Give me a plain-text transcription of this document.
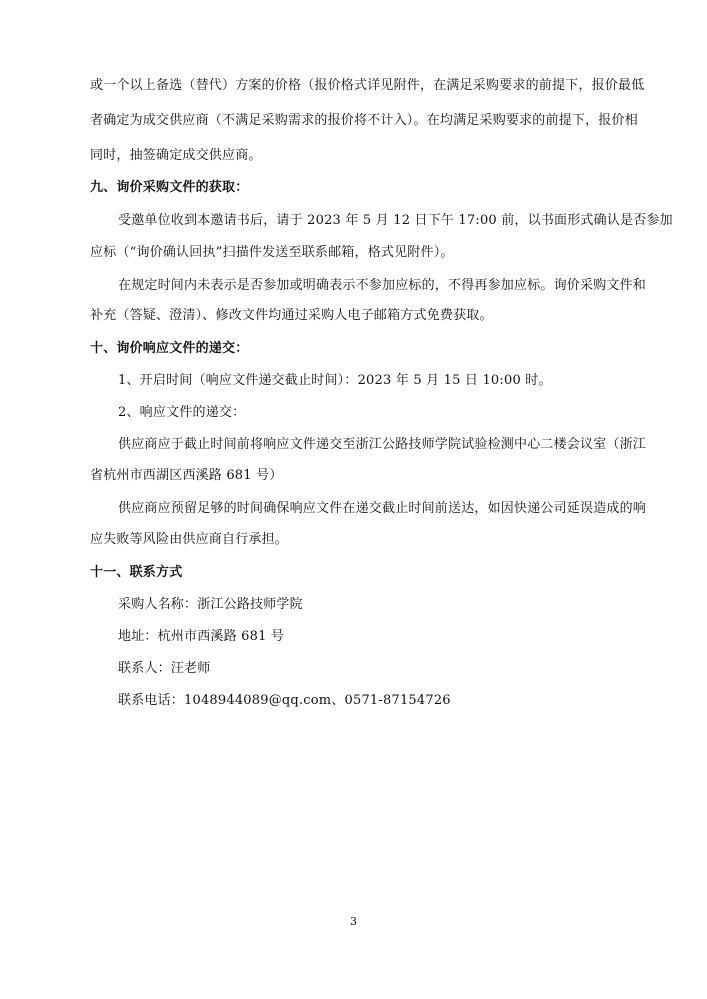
或一个以上备选（替代）方案的价格（报价格式详见附件，在满足采购要求的前提下，报价最低
者确定为成交供应商（不满足采购需求的报价将不计入）。在均满足采购要求的前提下，报价相
同时，抽签确定成交供应商。
九、询价采购文件的获取：
受邀单位收到本邀请书后，请于 2023 年 5 月 12 日下午 17:00 前，以书面形式确认是否参加
应标（“询价确认回执”扫描件发送至联系邮箱，格式见附件）。
在规定时间内未表示是否参加或明确表示不参加应标的，不得再参加应标。询价采购文件和
补充（答疑、澄清）、修改文件均通过采购人电子邮箱方式免费获取。
十、询价响应文件的递交：
1、开启时间（响应文件递交截止时间）：2023 年 5 月 15 日 10:00 时。
2、响应文件的递交：
供应商应于截止时间前将响应文件递交至浙江公路技师学院试验检测中心二楼会议室（浙江
省杭州市西湖区西溪路 681 号）
供应商应预留足够的时间确保响应文件在递交截止时间前送达，如因快递公司延误造成的响
应失败等风险由供应商自行承担。
十一、联系方式
采购人名称：浙江公路技师学院
地址：杭州市西溪路 681 号
联系人：汪老师
联系电话：1048944089@qq.com、0571-87154726
3
